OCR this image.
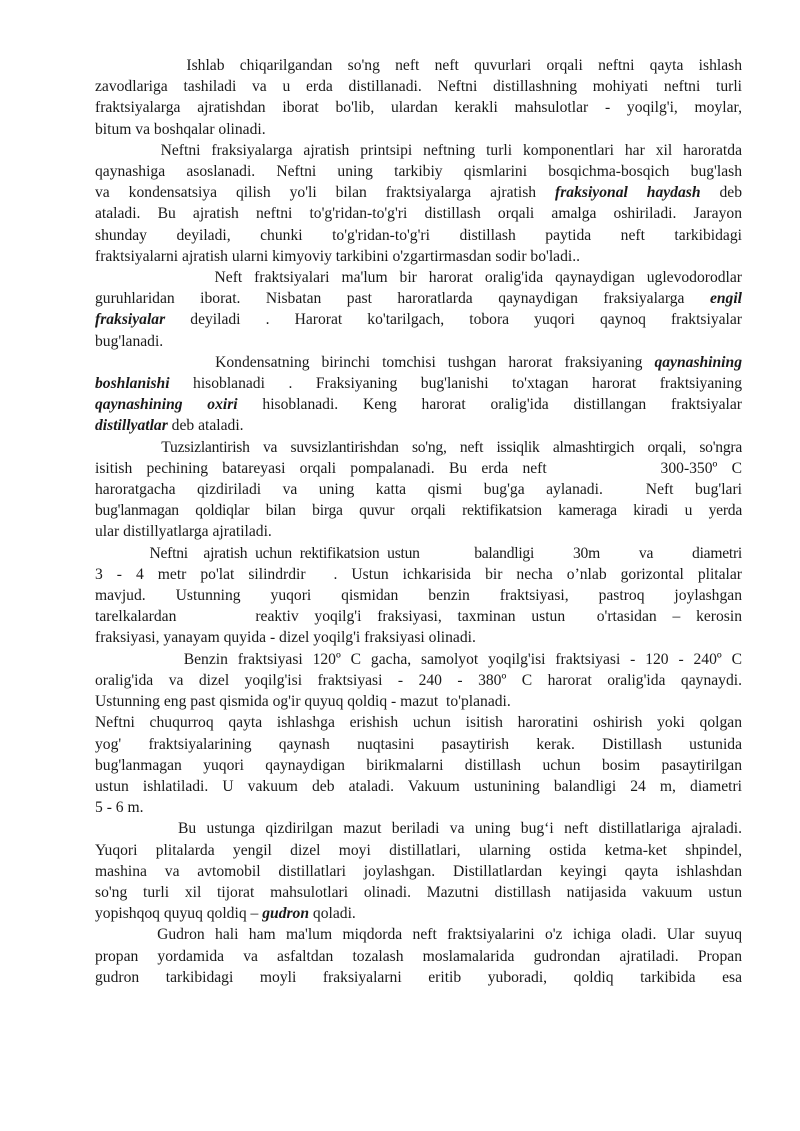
Ishlab chiqarilgandan so'ng neft neft quvurlari orqali neftni qayta ishlash
zavodlariga tashiladi va u erda distillanadi. Neftni distillashning mohiyati neftni turli
fraktsiyalarga ajratishdan iborat bo'lib, ulardan kerakli mahsulotlar - yoqilg'i, moylar,
bitum va boshqalar olinadi.
Neftni fraksiyalarga ajratish printsipi neftning turli komponentlari har xil haroratda
qaynashiga asoslanadi. Neftni uning tarkibiy qismlarini bosqichma-bosqich bug'lash
va kondensatsiya qilish yo'li bilan fraktsiyalarga ajratish fraksiyonal haydash deb
ataladi. Bu ajratish neftni to'g'ridan-to'g'ri distillash orqali amalga oshiriladi. Jarayon
shunday deyiladi, chunki to'g'ridan-to'g'ri distillash paytida neft tarkibidagi
fraktsiyalarni ajratish ularni kimyoviy tarkibini o'zgartirmasdan sodir bo'ladi..
Neft fraktsiyalari ma'lum bir harorat oralig'ida qaynaydigan uglevodorodlar
guruhlaridan iborat. Nisbatan past haroratlarda qaynaydigan fraksiyalarga engil
fraksiyalar deyiladi . Harorat ko'tarilgach, tobora yuqori qaynoq fraktsiyalar
bug'lanadi.
Kondensatning birinchi tomchisi tushgan harorat fraksiyaning qaynashining
boshlanishi hisoblanadi . Fraksiyaning bug'lanishi to'xtagan harorat fraktsiyaning
qaynashining oxiri hisoblanadi. Keng harorat oralig'ida distillangan fraktsiyalar
distillyatlar deb ataladi.
Tuzsizlantirish va suvsizlantirishdan so'ng, neft issiqlik almashtirgich orqali, so'ngra
isitish pechining batareyasi orqali pompalanadi. Bu erda neft        300-350º C
haroratgacha qizdiriladi va uning katta qismi bug'ga aylanadi.  Neft bug'lari
bug'lanmagan qoldiqlar bilan birga quvur orqali rektifikatsion kameraga kiradi u yerda
ular distillyatlarga ajratiladi.
Neftni  ajratish uchun rektifikatsion ustun       balandligi     30m     va     diametri
3 - 4 metr po'lat silindrdir  . Ustun ichkarisida bir necha o’nlab gorizontal plitalar
mavjud. Ustunning yuqori qismidan benzin fraktsiyasi, pastroq joylashgan
tarelkalardan     reaktiv yoqilg'i fraksiyasi, taxminan ustun  o'rtasidan – kerosin
fraksiyasi, yanayam quyida - dizel yoqilg'i fraksiyasi olinadi.
Benzin fraktsiyasi 120º C gacha, samolyot yoqilg'isi fraktsiyasi - 120 - 240º C
oralig'ida va dizel yoqilg'isi fraktsiyasi - 240 - 380º C harorat oralig'ida qaynaydi.
Ustunning eng past qismida og'ir quyuq qoldiq - mazut  to'planadi.
Neftni chuqurroq qayta ishlashga erishish uchun isitish haroratini oshirish yoki qolgan
yog' fraktsiyalarining qaynash nuqtasini pasaytirish kerak. Distillash ustunida
bug'lanmagan yuqori qaynaydigan birikmalarni distillash uchun bosim pasaytirilgan
ustun ishlatiladi. U vakuum deb ataladi. Vakuum ustunining balandligi 24 m, diametri
5 - 6 m.
Bu ustunga qizdirilgan mazut beriladi va uning bug‘i neft distillatlariga ajraladi.
Yuqori plitalarda yengil dizel moyi distillatlari, ularning ostida ketma-ket shpindel,
mashina va avtomobil distillatlari joylashgan. Distillatlardan keyingi qayta ishlashdan
so'ng turli xil tijorat mahsulotlari olinadi. Mazutni distillash natijasida vakuum ustun
yopishqoq quyuq qoldiq – gudron qoladi.
Gudron hali ham ma'lum miqdorda neft fraktsiyalarini o'z ichiga oladi. Ular suyuq
propan yordamida va asfaltdan tozalash moslamalarida gudrondan ajratiladi. Propan
gudron tarkibidagi moyli fraksiyalarni eritib yuboradi, qoldiq tarkibida esa
